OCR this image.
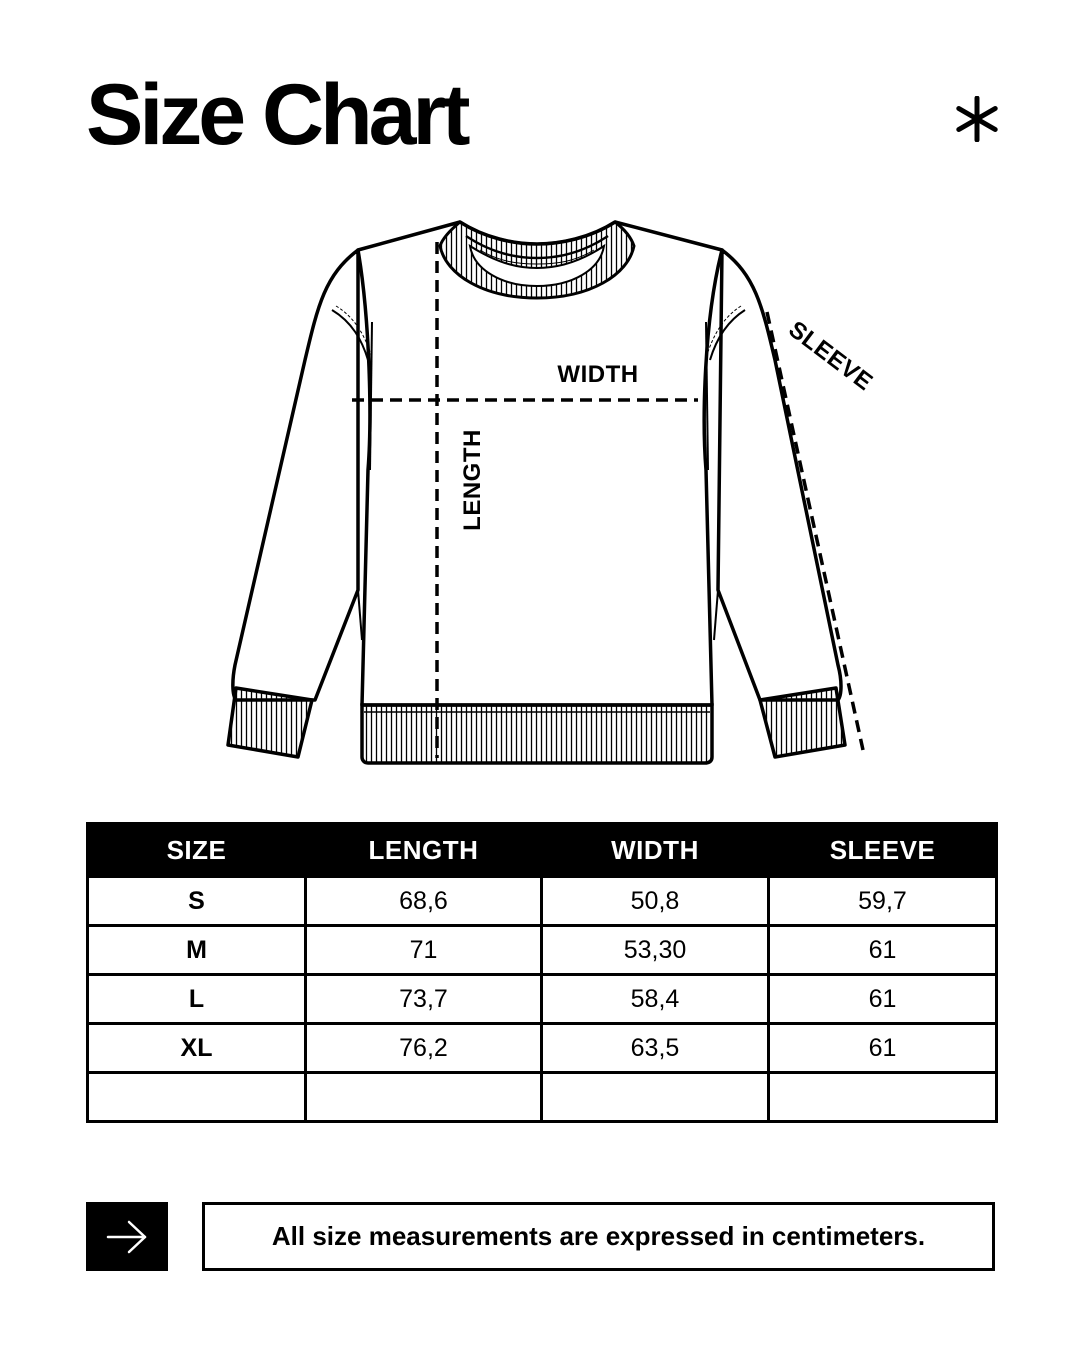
Size Chart
WIDTH
LENGTH
SLEEVE
SIZE	LENGTH	WIDTH	SLEEVE
S	68,6	50,8	59,7
M	71	53,30	61
L	73,7	58,4	61
XL	76,2	63,5	61

All size measurements are expressed in centimeters.
